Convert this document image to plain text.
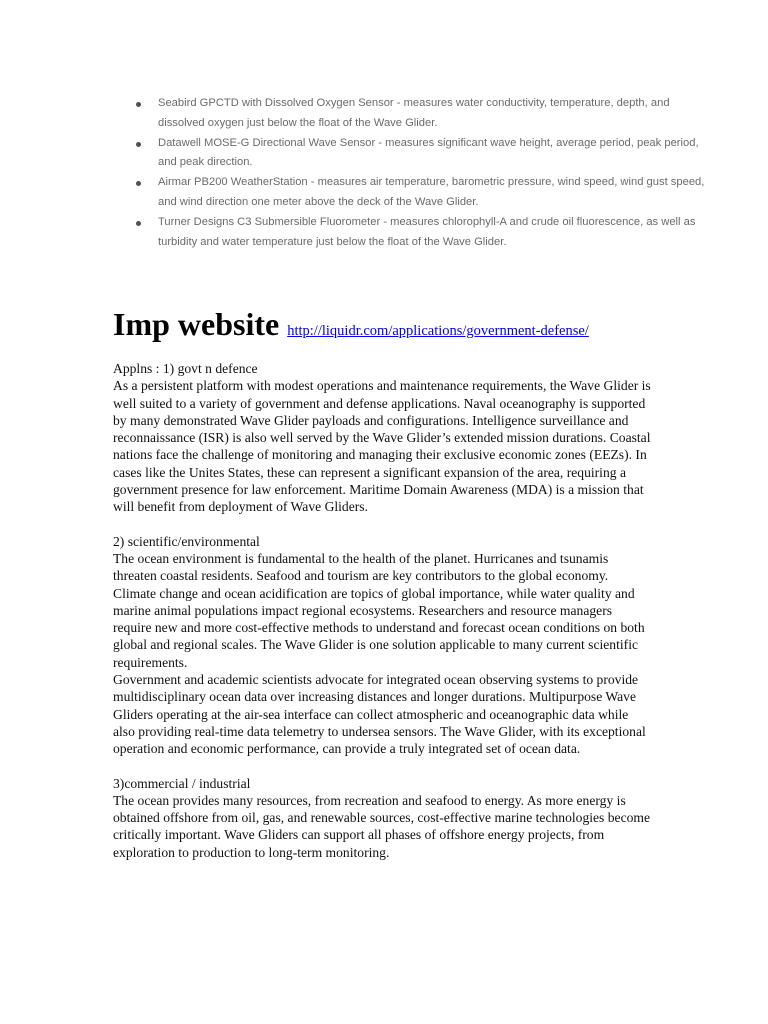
Seabird GPCTD with Dissolved Oxygen Sensor - measures water conductivity, temperature, depth, and dissolved oxygen just below the float of the Wave Glider.
Datawell MOSE-G Directional Wave Sensor - measures significant wave height, average period, peak period, and peak direction.
Airmar PB200 WeatherStation - measures air temperature, barometric pressure, wind speed, wind gust speed, and wind direction one meter above the deck of the Wave Glider.
Turner Designs C3 Submersible Fluorometer - measures chlorophyll-A and crude oil fluorescence, as well as turbidity and water temperature just below the float of the Wave Glider.
Imp website http://liquidr.com/applications/government-defense/

Applns : 1) govt n defence

As a persistent platform with modest operations and maintenance requirements, the Wave Glider is well suited to a variety of government and defense applications. Naval oceanography is supported by many demonstrated Wave Glider payloads and configurations. Intelligence surveillance and reconnaissance (ISR) is also well served by the Wave Glider’s extended mission durations. Coastal nations face the challenge of monitoring and managing their exclusive economic zones (EEZs). In cases like the Unites States, these can represent a significant expansion of the area, requiring a government presence for law enforcement. Maritime Domain Awareness (MDA) is a mission that will benefit from deployment of Wave Gliders.

2) scientific/environmental

The ocean environment is fundamental to the health of the planet. Hurricanes and tsunamis threaten coastal residents. Seafood and tourism are key contributors to the global economy. Climate change and ocean acidification are topics of global importance, while water quality and marine animal populations impact regional ecosystems. Researchers and resource managers require new and more cost-effective methods to understand and forecast ocean conditions on both global and regional scales. The Wave Glider is one solution applicable to many current scientific requirements.

Government and academic scientists advocate for integrated ocean observing systems to provide multidisciplinary ocean data over increasing distances and longer durations. Multipurpose Wave Gliders operating at the air-sea interface can collect atmospheric and oceanographic data while also providing real-time data telemetry to undersea sensors. The Wave Glider, with its exceptional operation and economic performance, can provide a truly integrated set of ocean data.

3)commercial / industrial

The ocean provides many resources, from recreation and seafood to energy. As more energy is obtained offshore from oil, gas, and renewable sources, cost-effective marine technologies become critically important. Wave Gliders can support all phases of offshore energy projects, from exploration to production to long-term monitoring.
